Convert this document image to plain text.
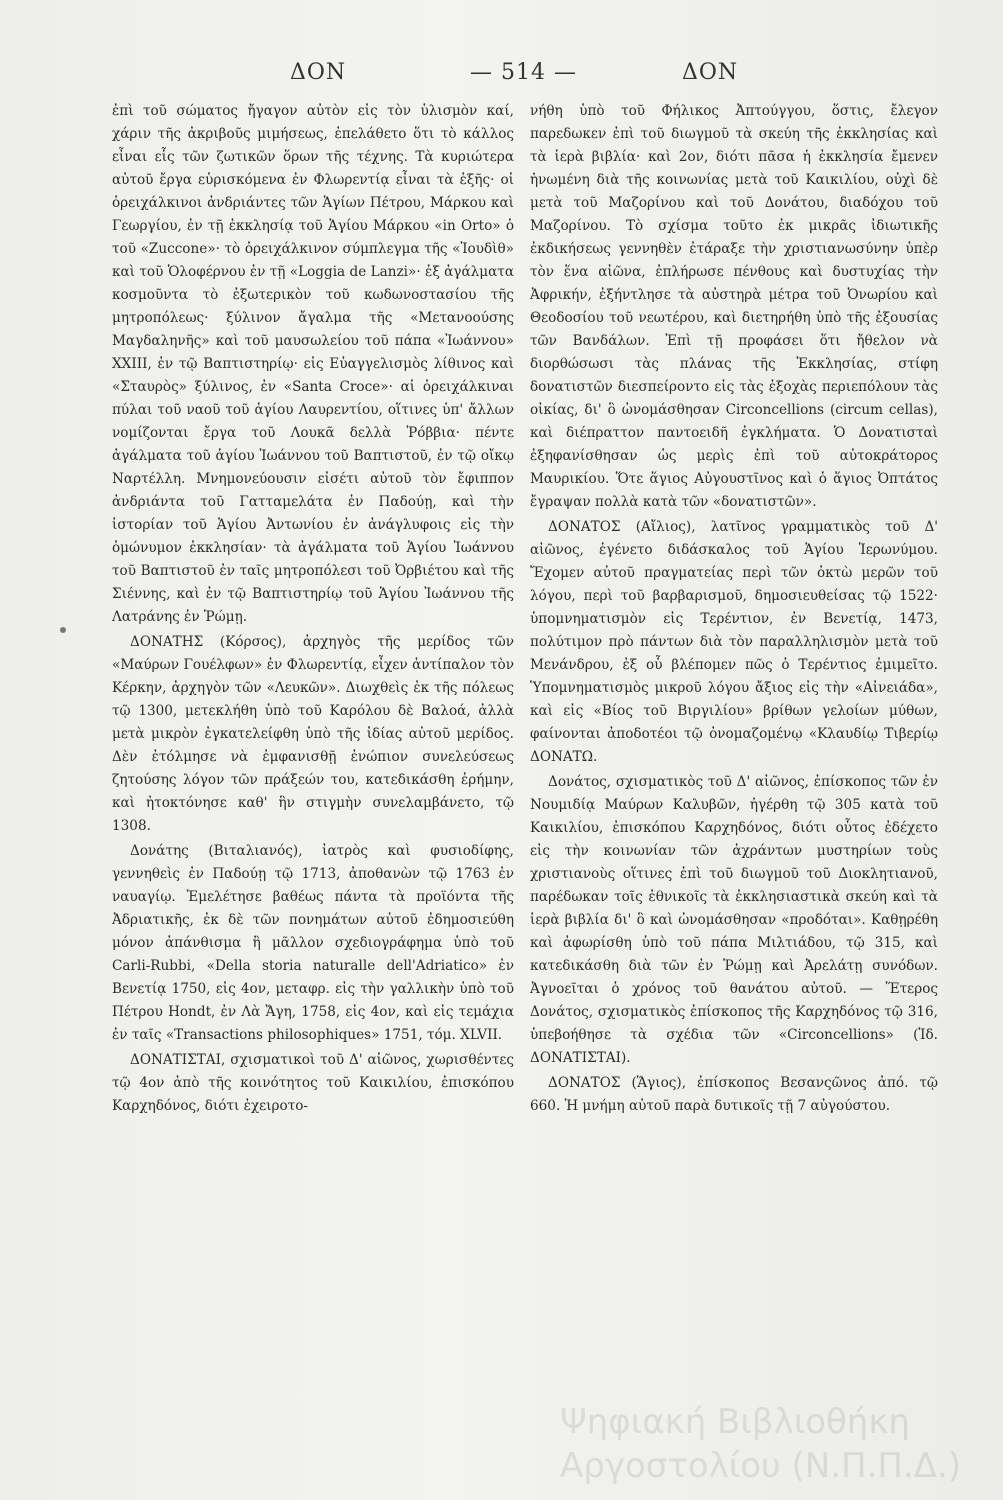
ΔΟΝ	— 514 —	ΔΟΝ

ἐπὶ τοῦ σώματος ἤγαγον αὐτὸν εἰς τὸν ὑλισμὸν καί, χάριν τῆς ἀκριβοῦς μιμήσεως, ἐπελάθετο ὅτι τὸ κάλλος εἶναι εἷς τῶν ζωτικῶν ὅρων τῆς τέχνης. Τὰ κυριώτερα αὐτοῦ ἔργα εὑρισκόμενα ἐν Φλωρεντίᾳ εἶναι τὰ ἑξῆς· οἱ ὀρειχάλκινοι ἀνδριάντες τῶν Ἁγίων Πέτρου, Μάρκου καὶ Γεωργίου, ἐν τῇ ἐκκλησίᾳ τοῦ Ἁγίου Μάρκου «in Orto» ὁ τοῦ «Zuccone»· τὸ ὀρειχάλκινον σύμπλεγμα τῆς «Ἰουδὶθ» καὶ τοῦ Ὁλοφέρνου ἐν τῇ «Loggia de Lanzi»· ἐξ ἀγάλματα κοσμοῦντα τὸ ἐξωτερικὸν τοῦ κωδωνοστασίου τῆς μητροπόλεως· ξύλινον ἄγαλμα τῆς «Μετανοούσης Μαγδαληνῆς» καὶ τοῦ μαυσωλείου τοῦ πάπα «Ἰωάννου» XXIII, ἐν τῷ Βαπτιστηρίῳ· εἰς Εὐαγγελισμὸς λίθινος καὶ «Σταυρὸς» ξύλινος, ἐν «Santa Croce»· αἱ ὀρειχάλκιναι πύλαι τοῦ ναοῦ τοῦ ἁγίου Λαυρεντίου, οἵτινες ὑπ' ἄλλων νομίζονται ἔργα τοῦ Λουκᾶ δελλὰ Ῥόββια· πέντε ἀγάλματα τοῦ ἁγίου Ἰωάννου τοῦ Βαπτιστοῦ, ἐν τῷ οἴκῳ Ναρτέλλη. Μνημονεύουσιν εἰσέτι αὐτοῦ τὸν ἔφιππον ἀνδριάντα τοῦ Γατταμελάτα ἐν Παδούῃ, καὶ τὴν ἱστορίαν τοῦ Ἁγίου Ἀντωνίου ἐν ἀνάγλυφοις εἰς τὴν ὁμώνυμον ἐκκλησίαν· τὰ ἀγάλματα τοῦ Ἁγίου Ἰωάννου τοῦ Βαπτιστοῦ ἐν ταῖς μητροπόλεσι τοῦ Ὀρβιέτου καὶ τῆς Σιέννης, καὶ ἐν τῷ Βαπτιστηρίῳ τοῦ Ἁγίου Ἰωάννου τῆς Λατράνης ἐν Ῥώμῃ.

ΔΟΝΑΤΗΣ (Κόρσος), ἀρχηγὸς τῆς μερίδος τῶν «Μαύρων Γουέλφων» ἐν Φλωρεντίᾳ, εἶχεν ἀντίπαλον τὸν Κέρκην, ἀρχηγὸν τῶν «Λευκῶν». Διωχθεὶς ἐκ τῆς πόλεως τῷ 1300, μετεκλήθη ὑπὸ τοῦ Καρόλου δὲ Βαλοά, ἀλλὰ μετὰ μικρὸν ἐγκατελείφθη ὑπὸ τῆς ἰδίας αὐτοῦ μερίδος. Δὲν ἐτόλμησε νὰ ἐμφανισθῇ ἐνώπιον συνελεύσεως ζητούσης λόγον τῶν πράξεών του, κατεδικάσθη ἐρήμην, καὶ ἠτοκτόνησε καθ' ἣν στιγμὴν συνελαμβάνετο, τῷ 1308.

Δονάτης (Βιταλιανός), ἰατρὸς καὶ φυσιοδίφης, γεννηθεὶς ἐν Παδούῃ τῷ 1713, ἀποθανὼν τῷ 1763 ἐν ναυαγίῳ. Ἐμελέτησε βαθέως πάντα τὰ προϊόντα τῆς Ἀδριατικῆς, ἐκ δὲ τῶν πονημάτων αὐτοῦ ἐδημοσιεύθη μόνον ἀπάνθισμα ἢ μᾶλλον σχεδιογράφημα ὑπὸ τοῦ Carli-Rubbi, «Della storia naturalle dell'Adriatico» ἐν Βενετίᾳ 1750, εἰς 4ον, μεταφρ. εἰς τὴν γαλλικὴν ὑπὸ τοῦ Πέτρου Hondt, ἐν Λὰ Ἄγη, 1758, εἰς 4ον, καὶ εἰς τεμάχια ἐν ταῖς «Transactions philosophiques» 1751, τόμ. XLVII.

ΔΟΝΑΤΙΣΤΑΙ, σχισματικοὶ τοῦ Δ' αἰῶνος, χωρισθέντες τῷ 4ον ἀπὸ τῆς κοινότητος τοῦ Καικιλίου, ἐπισκόπου Καρχηδόνος, διότι ἐχειροτο-

νήθη ὑπὸ τοῦ Φήλικος Ἀπτούγγου, ὅστις, ἔλεγον παρεδωκεν ἐπὶ τοῦ διωγμοῦ τὰ σκεύη τῆς ἐκκλησίας καὶ τὰ ἱερὰ βιβλία· καὶ 2ον, διότι πᾶσα ἡ ἐκκλησία ἔμενεν ἡνωμένη διὰ τῆς κοινωνίας μετὰ τοῦ Καικιλίου, οὐχὶ δὲ μετὰ τοῦ Μαζορίνου καὶ τοῦ Δονάτου, διαδόχου τοῦ Μαζορίνου. Τὸ σχίσμα τοῦτο ἐκ μικρᾶς ἰδιωτικῆς ἐκδικήσεως γεννηθὲν ἐτάραξε τὴν χριστιανωσύνην ὑπὲρ τὸν ἕνα αἰῶνα, ἐπλήρωσε πένθους καὶ δυστυχίας τὴν Ἀφρικήν, ἐξήντλησε τὰ αὐστηρὰ μέτρα τοῦ Ὀνωρίου καὶ Θεοδοσίου τοῦ νεωτέρου, καὶ διετηρήθη ὑπὸ τῆς ἐξουσίας τῶν Βανδάλων. Ἐπὶ τῇ προφάσει ὅτι ἤθελον νὰ διορθώσωσι τὰς πλάνας τῆς Ἐκκλησίας, στίφη δονατιστῶν διεσπείροντο εἰς τὰς ἐξοχὰς περιεπόλουν τὰς οἰκίας, δι' ὃ ὠνομάσθησαν Circoncellions (circum cellas), καὶ διέπραττον παντοειδῆ ἐγκλήματα. Ὁ Δονατισταὶ ἐξηφανίσθησαν ὡς μερὶς ἐπὶ τοῦ αὐτοκράτορος Μαυρικίου. Ὅτε ἅγιος Αὐγουστῖνος καὶ ὁ ἅγιος Ὀπτάτος ἔγραψαν πολλὰ κατὰ τῶν «δονατιστῶν».

ΔΟΝΑΤΟΣ (Αἴλιος), λατῖνος γραμματικὸς τοῦ Δ' αἰῶνος, ἐγένετο διδάσκαλος τοῦ Ἁγίου Ἱερωνύμου. Ἔχομεν αὐτοῦ πραγματείας περὶ τῶν ὀκτὼ μερῶν τοῦ λόγου, περὶ τοῦ βαρβαρισμοῦ, δημοσιευθείσας τῷ 1522· ὑπομνηματισμὸν εἰς Τερέντιον, ἐν Βενετίᾳ, 1473, πολύτιμον πρὸ πάντων διὰ τὸν παραλληλισμὸν μετὰ τοῦ Μενάνδρου, ἐξ οὗ βλέπομεν πῶς ὁ Τερέντιος ἐμιμεῖτο. Ὑπομνηματισμὸς μικροῦ λόγου ἄξιος εἰς τὴν «Αἰνειάδα», καὶ εἰς «Βίος τοῦ Βιργιλίου» βρίθων γελοίων μύθων, φαίνονται ἀποδοτέοι τῷ ὀνομαζομένῳ «Κλαυδίῳ Τιβερίῳ ΔΟΝΑΤΩ.

Δονάτος, σχισματικὸς τοῦ Δ' αἰῶνος, ἐπίσκοπος τῶν ἐν Νουμιδίᾳ Μαύρων Καλυβῶν, ἠγέρθη τῷ 305 κατὰ τοῦ Καικιλίου, ἐπισκόπου Καρχηδόνος, διότι οὗτος ἐδέχετο εἰς τὴν κοινωνίαν τῶν ἀχράντων μυστηρίων τοὺς χριστιανοὺς οἵτινες ἐπὶ τοῦ διωγμοῦ τοῦ Διοκλητιανοῦ, παρέδωκαν τοῖς ἐθνικοῖς τὰ ἐκκλησιαστικὰ σκεύη καὶ τὰ ἱερὰ βιβλία δι' ὃ καὶ ὠνομάσθησαν «προδόται». Καθῃρέθη καὶ ἀφωρίσθη ὑπὸ τοῦ πάπα Μιλτιάδου, τῷ 315, καὶ κατεδικάσθη διὰ τῶν ἐν Ῥώμῃ καὶ Ἀρελάτῃ συνόδων. Ἀγνοεῖται ὁ χρόνος τοῦ θανάτου αὐτοῦ. — Ἕτερος Δονάτος, σχισματικὸς ἐπίσκοπος τῆς Καρχηδόνος τῷ 316, ὑπεβοήθησε τὰ σχέδια τῶν «Circoncellions» (Ἰδ. ΔΟΝΑΤΙΣΤΑΙ).

ΔΟΝΑΤΟΣ (Ἅγιος), ἐπίσκοπος Βεσανςῶνος ἀπό. τῷ 660. Ἡ μνήμη αὐτοῦ παρὰ δυτικοῖς τῇ 7 αὐγούστου.

Ψηφιακή Βιβλιοθήκη
Αργοστολίου (Ν.Π.Π.Δ.)
